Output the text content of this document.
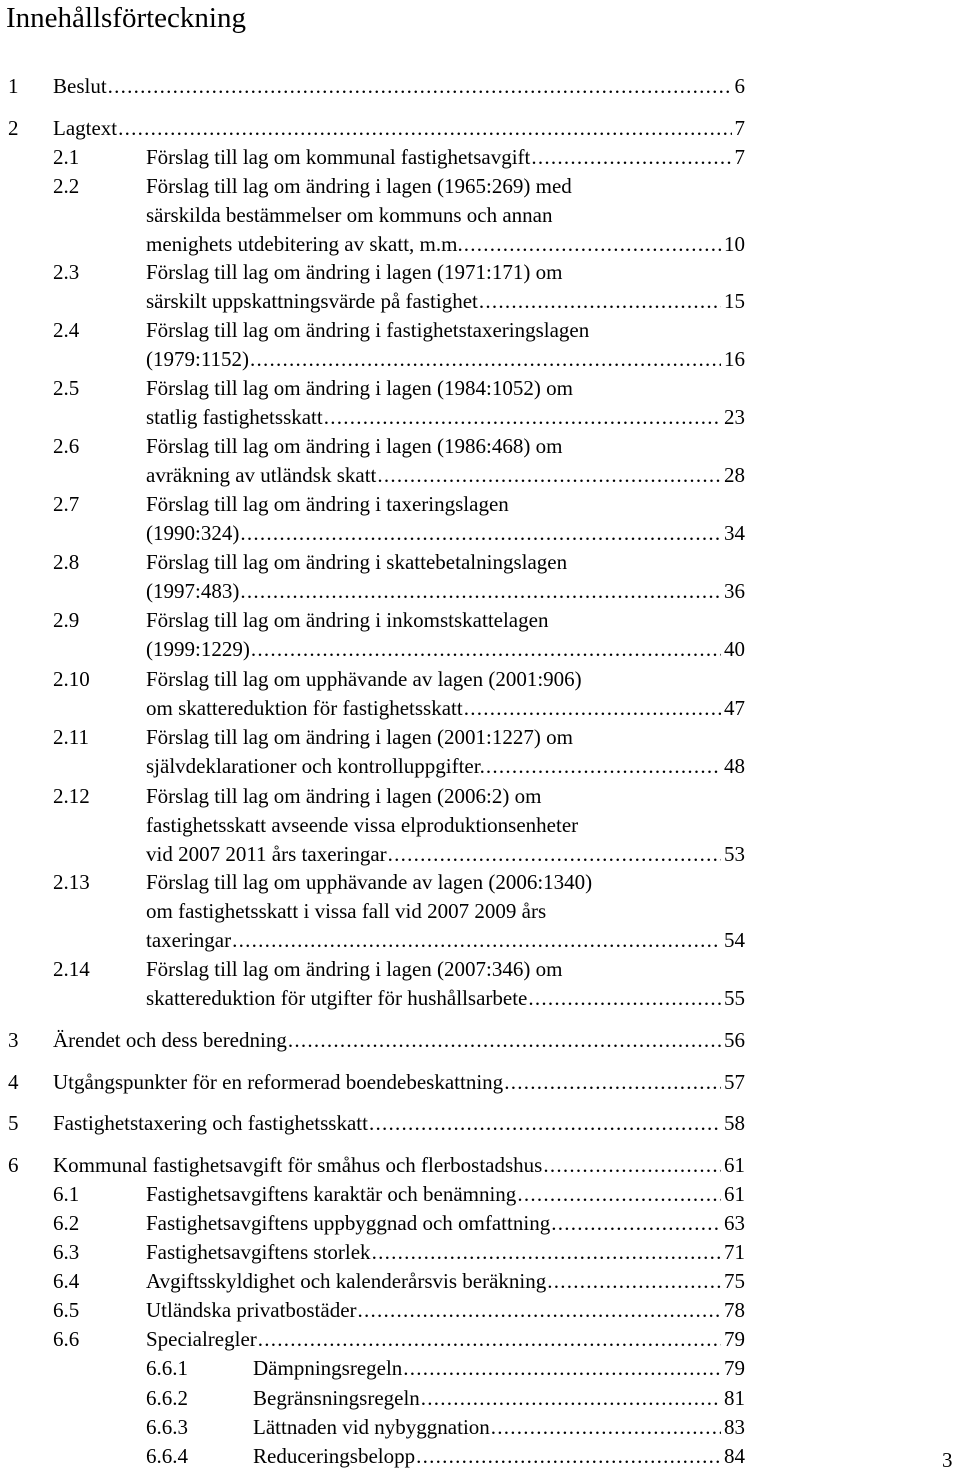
Innehållsförteckning
1 Beslut . . .	6
2 Lagtext . . .	7
2.1	Förslag till lag om kommunal fastighetsavgift . . .	7
2.2	Förslag till lag om ändring i lagen (1965:269) med
särskilda bestämmelser om kommuns och annan
menighets utdebitering av skatt, m.m. . . .	10
2.3	Förslag till lag om ändring i lagen (1971:171) om
särskilt uppskattningsvärde på fastighet . . .	15
2.4	Förslag till lag om ändring i fastighetstaxeringslagen
(1979:1152) . . .	16
2.5	Förslag till lag om ändring i lagen (1984:1052) om
statlig fastighetsskatt . . .	23
2.6	Förslag till lag om ändring i lagen (1986:468) om
avräkning av utländsk skatt . . .	28
2.7	Förslag till lag om ändring i taxeringslagen
(1990:324) . . .	34
2.8	Förslag till lag om ändring i skattebetalningslagen
(1997:483) . . .	36
2.9	Förslag till lag om ändring i inkomstskattelagen
(1999:1229) . . .	40
2.10	Förslag till lag om upphävande av lagen (2001:906)
om skattereduktion för fastighetsskatt . . .	47
2.11	Förslag till lag om ändring i lagen (2001:1227) om
självdeklarationer och kontrolluppgifter. . . .	48
2.12	Förslag till lag om ändring i lagen (2006:2) om
fastighetsskatt avseende vissa elproduktionsenheter
vid 2007 2011 års taxeringar . . .	53
2.13	Förslag till lag om upphävande av lagen (2006:1340)
om fastighetsskatt i vissa fall vid 2007 2009 års
taxeringar . . .	54
2.14	Förslag till lag om ändring i lagen (2007:346) om
skattereduktion för utgifter för hushållsarbete . . .	55
3 Ärendet och dess beredning . . .	56
4 Utgångspunkter för en reformerad boendebeskattning . . .	57
5 Fastighetstaxering och fastighetsskatt . . .	58
6 Kommunal fastighetsavgift för småhus och flerbostadshus . . .	61
6.1	Fastighetsavgiftens karaktär och benämning . . .	61
6.2	Fastighetsavgiftens uppbyggnad och omfattning . . .	63
6.3	Fastighetsavgiftens storlek . . .	71
6.4	Avgiftsskyldighet och kalenderårsvis beräkning . . .	75
6.5	Utländska privatbostäder . . .	78
6.6	Specialregler . . .	79
6.6.1	Dämpningsregeln . . .	79
6.6.2	Begränsningsregeln . . .	81
6.6.3	Lättnaden vid nybyggnation . . .	83
6.6.4	Reduceringsbelopp . . .	84	3
